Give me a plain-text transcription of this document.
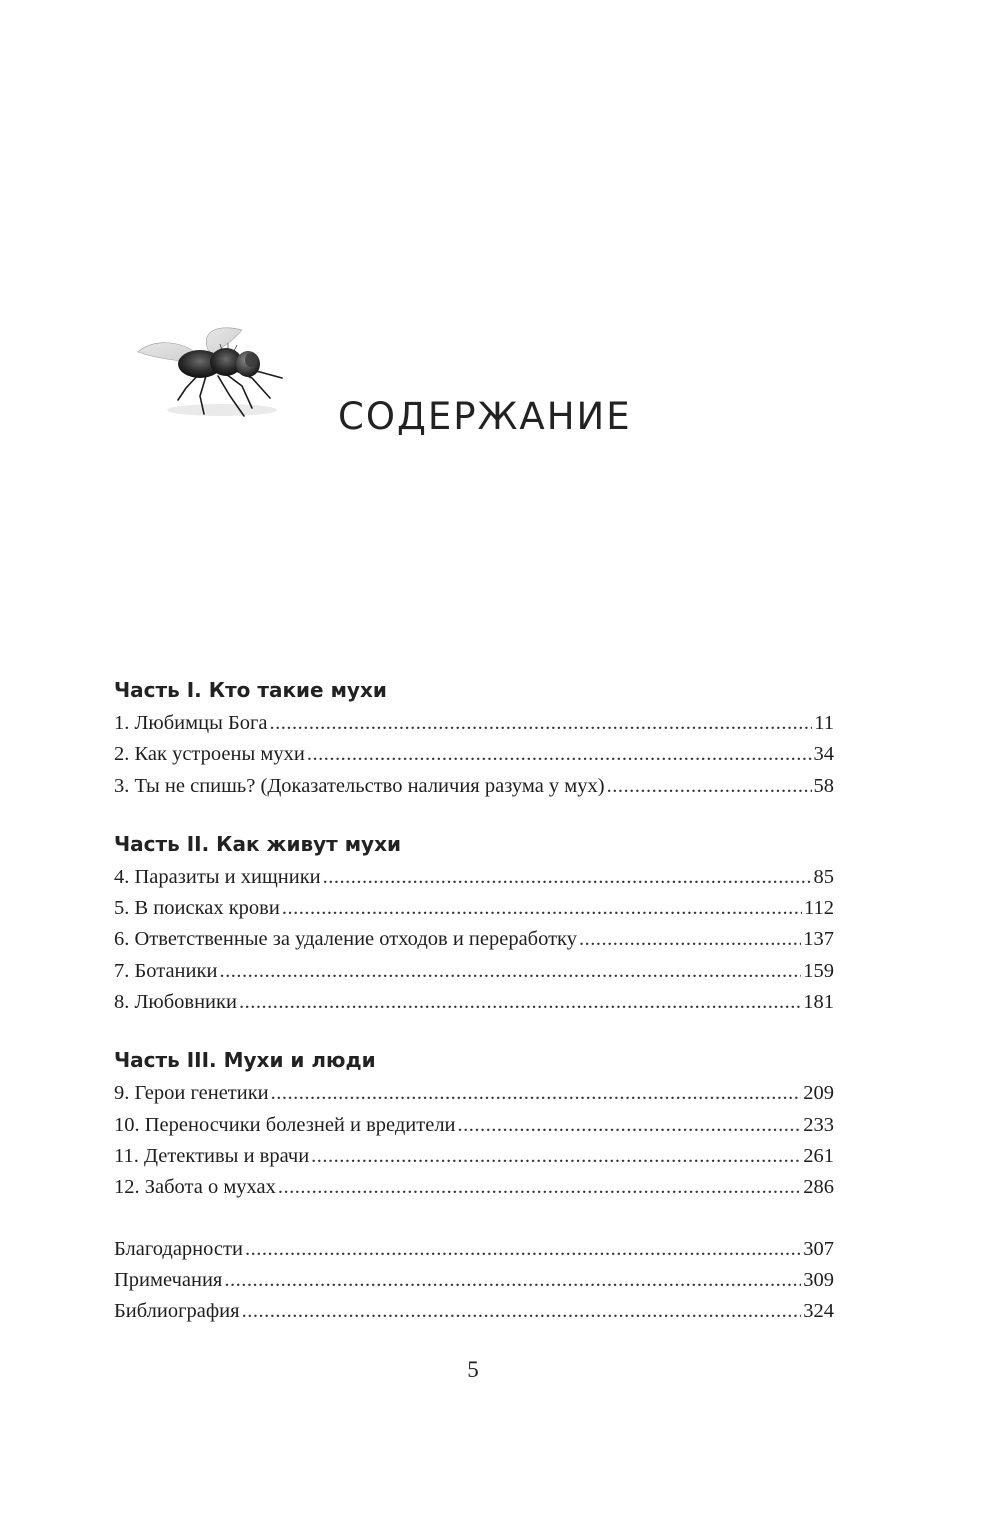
СОДЕРЖАНИЕ
Часть I. Кто такие мухи
1. Любимцы Бога .....	11
2. Как устроены мухи .....	34
3. Ты не спишь? (Доказательство наличия разума у мух) .....	58
Часть II. Как живут мухи
4. Паразиты и хищники .....	85
5. В поисках крови .....	112
6. Ответственные за удаление отходов и переработку .....	137
7. Ботаники .....	159
8. Любовники .....	181
Часть III. Мухи и люди
9. Герои генетики .....	209
10. Переносчики болезней и вредители .....	233
11. Детективы и врачи .....	261
12. Забота о мухах .....	286
Благодарности .....	307
Примечания .....	309
Библиография .....	324
5
